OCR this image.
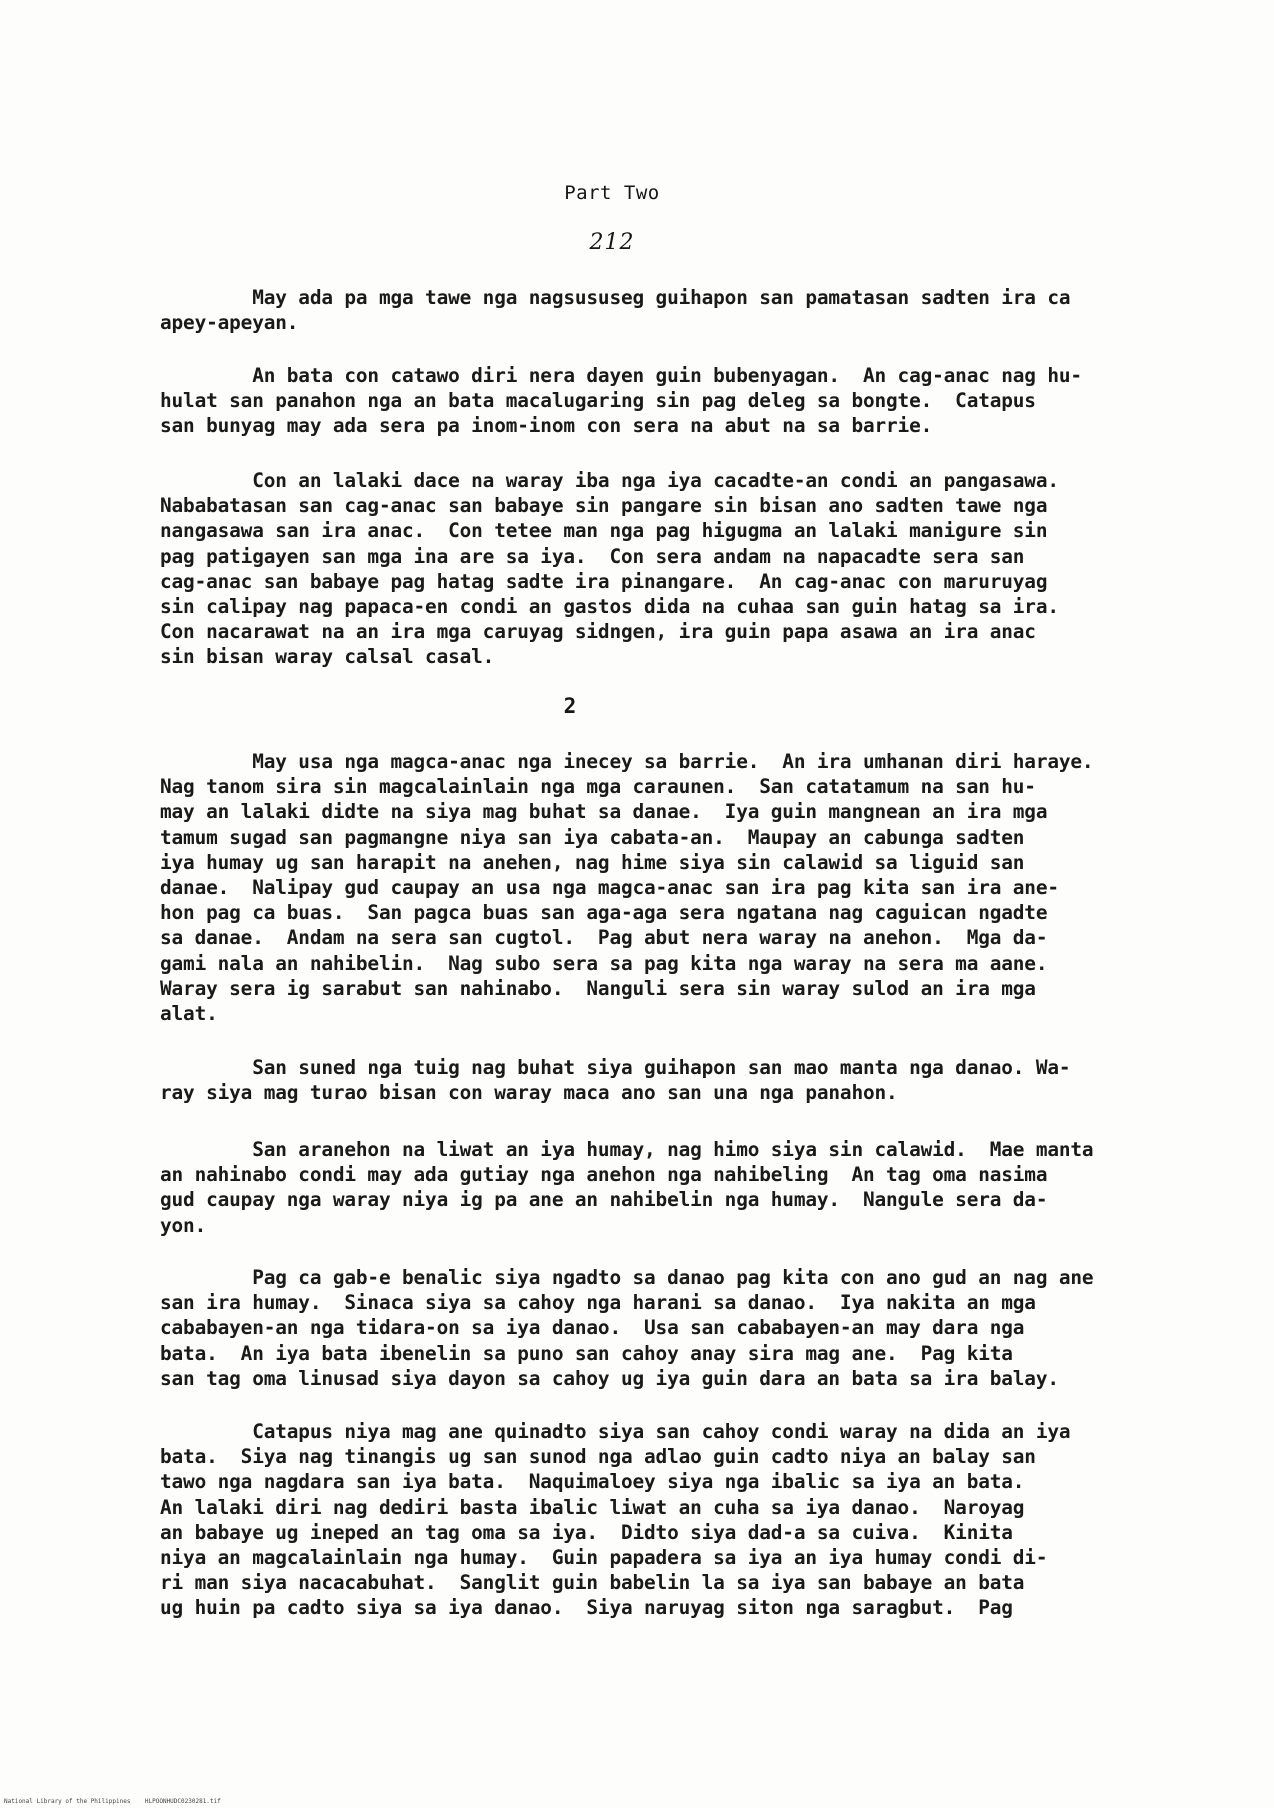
Part Two
212
May ada pa mga tawe nga nagsususeg guihapon san pamatasan sadten ira ca
apey-apeyan.
An bata con catawo diri nera dayen guin bubenyagan.  An cag-anac nag hu-
hulat san panahon nga an bata macalugaring sin pag deleg sa bongte.  Catapus
san bunyag may ada sera pa inom-inom con sera na abut na sa barrie.
Con an lalaki dace na waray iba nga iya cacadte-an condi an pangasawa.
Nababatasan san cag-anac san babaye sin pangare sin bisan ano sadten tawe nga
nangasawa san ira anac.  Con tetee man nga pag higugma an lalaki manigure sin
pag patigayen san mga ina are sa iya.  Con sera andam na napacadte sera san
cag-anac san babaye pag hatag sadte ira pinangare.  An cag-anac con maruruyag
sin calipay nag papaca-en condi an gastos dida na cuhaa san guin hatag sa ira.
Con nacarawat na an ira mga caruyag sidngen, ira guin papa asawa an ira anac
sin bisan waray calsal casal.
2
May usa nga magca-anac nga inecey sa barrie.  An ira umhanan diri haraye.
Nag tanom sira sin magcalainlain nga mga caraunen.  San catatamum na san hu-
may an lalaki didte na siya mag buhat sa danae.  Iya guin mangnean an ira mga
tamum sugad san pagmangne niya san iya cabata-an.  Maupay an cabunga sadten
iya humay ug san harapit na anehen, nag hime siya sin calawid sa liguid san
danae.  Nalipay gud caupay an usa nga magca-anac san ira pag kita san ira ane-
hon pag ca buas.  San pagca buas san aga-aga sera ngatana nag caguican ngadte
sa danae.  Andam na sera san cugtol.  Pag abut nera waray na anehon.  Mga da-
gami nala an nahibelin.  Nag subo sera sa pag kita nga waray na sera ma aane.
Waray sera ig sarabut san nahinabo.  Nanguli sera sin waray sulod an ira mga
alat.
San suned nga tuig nag buhat siya guihapon san mao manta nga danao. Wa-
ray siya mag turao bisan con waray maca ano san una nga panahon.
San aranehon na liwat an iya humay, nag himo siya sin calawid.  Mae manta
an nahinabo condi may ada gutiay nga anehon nga nahibeling  An tag oma nasima
gud caupay nga waray niya ig pa ane an nahibelin nga humay.  Nangule sera da-
yon.
Pag ca gab-e benalic siya ngadto sa danao pag kita con ano gud an nag ane
san ira humay.  Sinaca siya sa cahoy nga harani sa danao.  Iya nakita an mga
cababayen-an nga tidara-on sa iya danao.  Usa san cababayen-an may dara nga
bata.  An iya bata ibenelin sa puno san cahoy anay sira mag ane.  Pag kita
san tag oma linusad siya dayon sa cahoy ug iya guin dara an bata sa ira balay.
Catapus niya mag ane quinadto siya san cahoy condi waray na dida an iya
bata.  Siya nag tinangis ug san sunod nga adlao guin cadto niya an balay san
tawo nga nagdara san iya bata.  Naquimaloey siya nga ibalic sa iya an bata.
An lalaki diri nag dediri basta ibalic liwat an cuha sa iya danao.  Naroyag
an babaye ug ineped an tag oma sa iya.  Didto siya dad-a sa cuiva.  Kinita
niya an magcalainlain nga humay.  Guin papadera sa iya an iya humay condi di-
ri man siya nacacabuhat.  Sanglit guin babelin la sa iya san babaye an bata
ug huin pa cadto siya sa iya danao.  Siya naruyag siton nga saragbut.  Pag
National Library of the Philippines HLPOONHUDC0230281.tif
